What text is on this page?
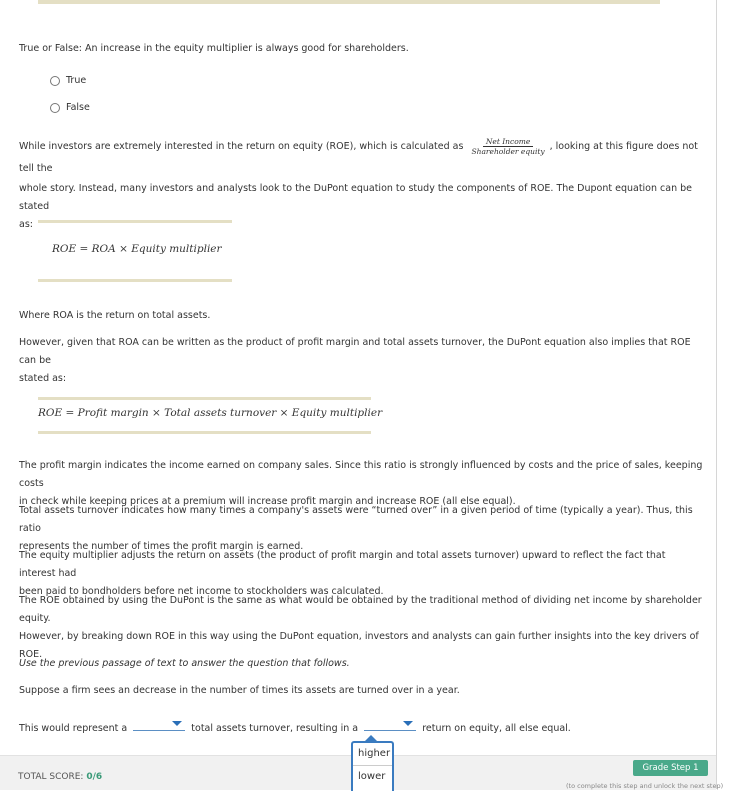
True or False: An increase in the equity multiplier is always good for shareholders.
True
False
While investors are extremely interested in the return on equity (ROE), which is calculated as $\frac{\text{Net Income}}{\text{Shareholder equity}}$ , looking at this figure does not tell the
whole story. Instead, many investors and analysts look to the DuPont equation to study the components of ROE. The Dupont equation can be stated
as:
ROE = ROA × Equity multiplier
Where ROA is the return on total assets.
However, given that ROA can be written as the product of profit margin and total assets turnover, the DuPont equation also implies that ROE can be
stated as:
ROE = Profit margin × Total assets turnover × Equity multiplier
The profit margin indicates the income earned on company sales. Since this ratio is strongly influenced by costs and the price of sales, keeping costs
in check while keeping prices at a premium will increase profit margin and increase ROE (all else equal).
Total assets turnover indicates how many times a company's assets were “turned over” in a given period of time (typically a year). Thus, this ratio
represents the number of times the profit margin is earned.
The equity multiplier adjusts the return on assets (the product of profit margin and total assets turnover) upward to reflect the fact that interest had
been paid to bondholders before net income to stockholders was calculated.
The ROE obtained by using the DuPont is the same as what would be obtained by the traditional method of dividing net income by shareholder equity.
However, by breaking down ROE in this way using the DuPont equation, investors and analysts can gain further insights into the key drivers of ROE.
Use the previous passage of text to answer the question that follows.
Suppose a firm sees an decrease in the number of times its assets are turned over in a year.
This would represent a	total assets turnover, resulting in a	return on equity, all else equal.
TOTAL SCORE: 0/6
Grade Step 1
(to complete this step and unlock the next step)
higher
lower
